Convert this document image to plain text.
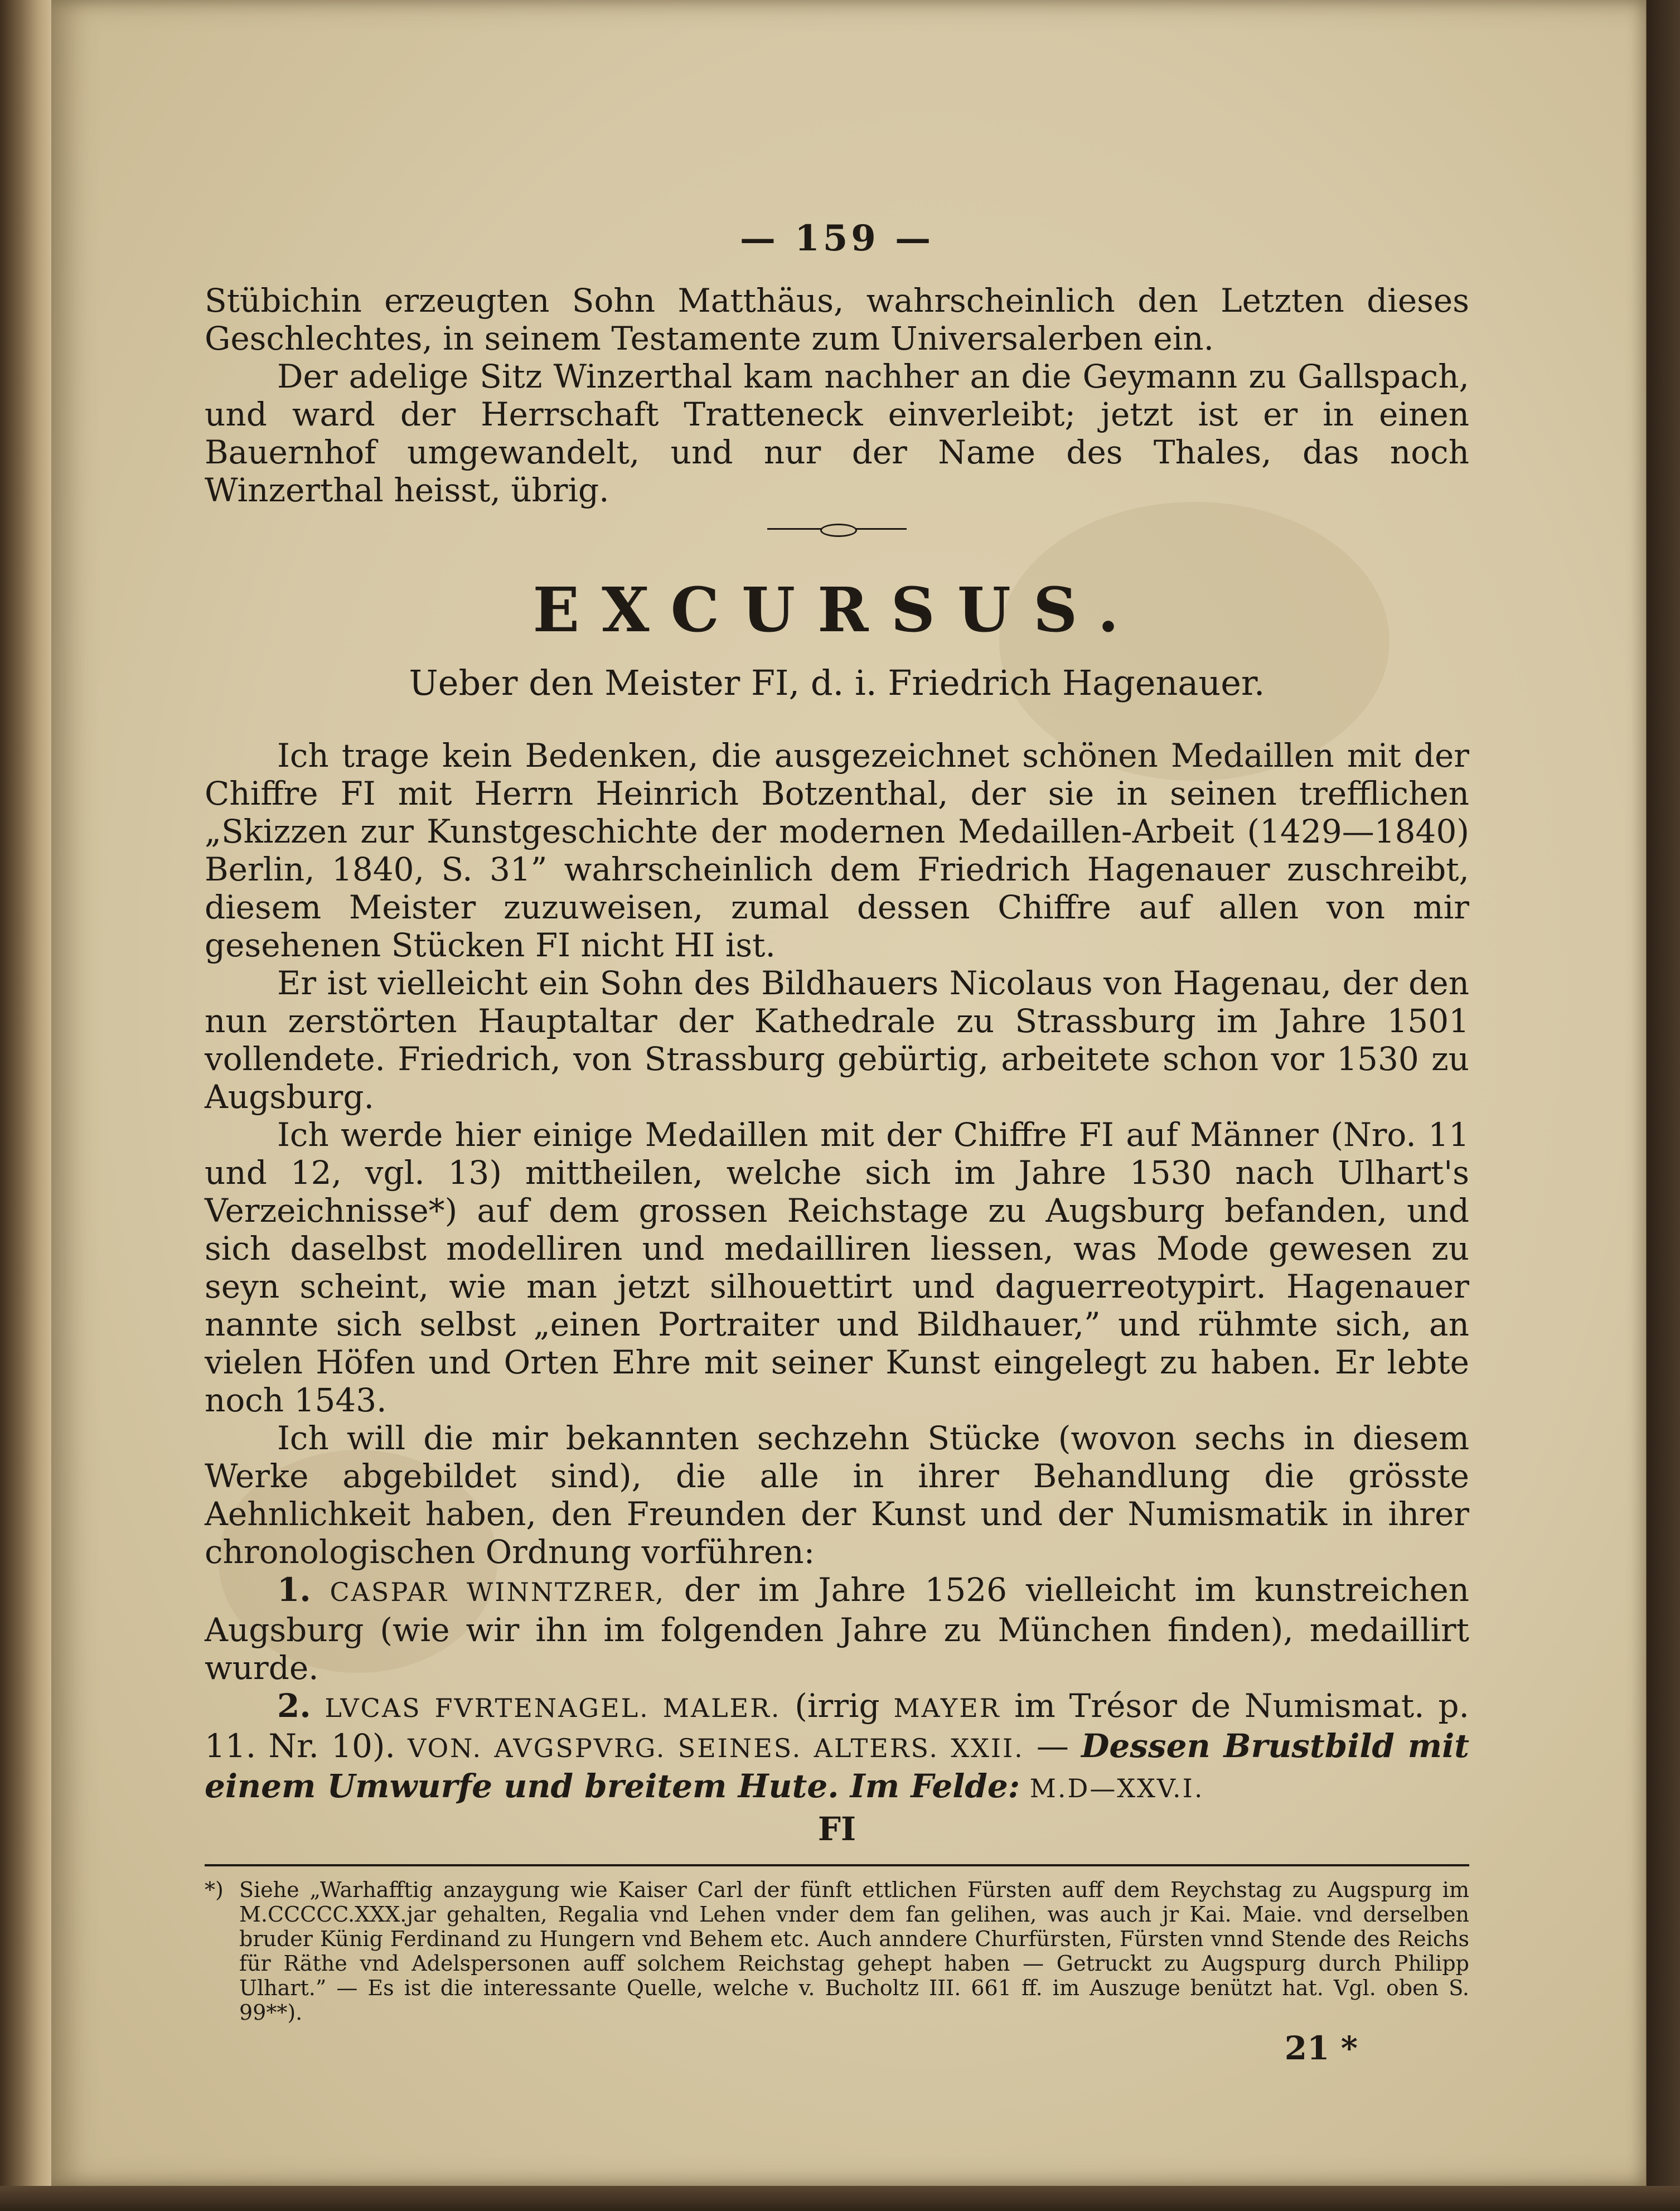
— 159 —

Stübichin erzeugten Sohn Matthäus, wahrscheinlich den Letzten dieses Geschlechtes, in seinem Testamente zum Universalerben ein.

Der adelige Sitz Winzerthal kam nachher an die Geymann zu Gallspach, und ward der Herrschaft Tratteneck einverleibt; jetzt ist er in einen Bauernhof umgewandelt, und nur der Name des Thales, das noch Winzerthal heisst, übrig.

EXCURSUS.
Ueber den Meister FI, d. i. Friedrich Hagenauer.

Ich trage kein Bedenken, die ausgezeichnet schönen Medaillen mit der Chiffre FI mit Herrn Heinrich Botzenthal, der sie in seinen trefflichen „Skizzen zur Kunstgeschichte der modernen Medaillen-Arbeit (1429—1840) Berlin, 1840, S. 31” wahrscheinlich dem Friedrich Hagenauer zuschreibt, diesem Meister zuzuweisen, zumal dessen Chiffre auf allen von mir gesehenen Stücken FI nicht HI ist.

Er ist vielleicht ein Sohn des Bildhauers Nicolaus von Hagenau, der den nun zerstörten Hauptaltar der Kathedrale zu Strassburg im Jahre 1501 vollendete. Friedrich, von Strassburg gebürtig, arbeitete schon vor 1530 zu Augsburg.

Ich werde hier einige Medaillen mit der Chiffre FI auf Männer (Nro. 11 und 12, vgl. 13) mittheilen, welche sich im Jahre 1530 nach Ulhart's Verzeichnisse*) auf dem grossen Reichstage zu Augsburg befanden, und sich daselbst modelliren und medailliren liessen, was Mode gewesen zu seyn scheint, wie man jetzt silhouettirt und daguerreotypirt. Hagenauer nannte sich selbst „einen Portraiter und Bildhauer,” und rühmte sich, an vielen Höfen und Orten Ehre mit seiner Kunst eingelegt zu haben. Er lebte noch 1543.

Ich will die mir bekannten sechzehn Stücke (wovon sechs in diesem Werke abgebildet sind), die alle in ihrer Behandlung die grösste Aehnlichkeit haben, den Freunden der Kunst und der Numismatik in ihrer chronologischen Ordnung vorführen:

1. CASPAR WINNTZRER, der im Jahre 1526 vielleicht im kunstreichen Augsburg (wie wir ihn im folgenden Jahre zu München finden), medaillirt wurde.

2. LVCAS FVRTENAGEL. MALER. (irrig MAYER im Trésor de Numismat. p. 11. Nr. 10). VON. AVGSPVRG. SEINES. ALTERS. XXII. — Dessen Brustbild mit einem Umwurfe und breitem Hute. Im Felde: M.D—XXV.I.

FI

*) Siehe „Warhafftig anzaygung wie Kaiser Carl der fünft ettlichen Fürsten auff dem Reychstag zu Augspurg im M.CCCCC.XXX.jar gehalten, Regalia vnd Lehen vnder dem fan gelihen, was auch jr Kai. Maie. vnd derselben bruder Künig Ferdinand zu Hungern vnd Behem etc. Auch anndere Churfürsten, Fürsten vnnd Stende des Reichs für Räthe vnd Adelspersonen auff solchem Reichstag gehept haben — Getruckt zu Augspurg durch Philipp Ulhart.” — Es ist die interessante Quelle, welche v. Bucholtz III. 661 ff. im Auszuge benützt hat. Vgl. oben S. 99**).

21 *
